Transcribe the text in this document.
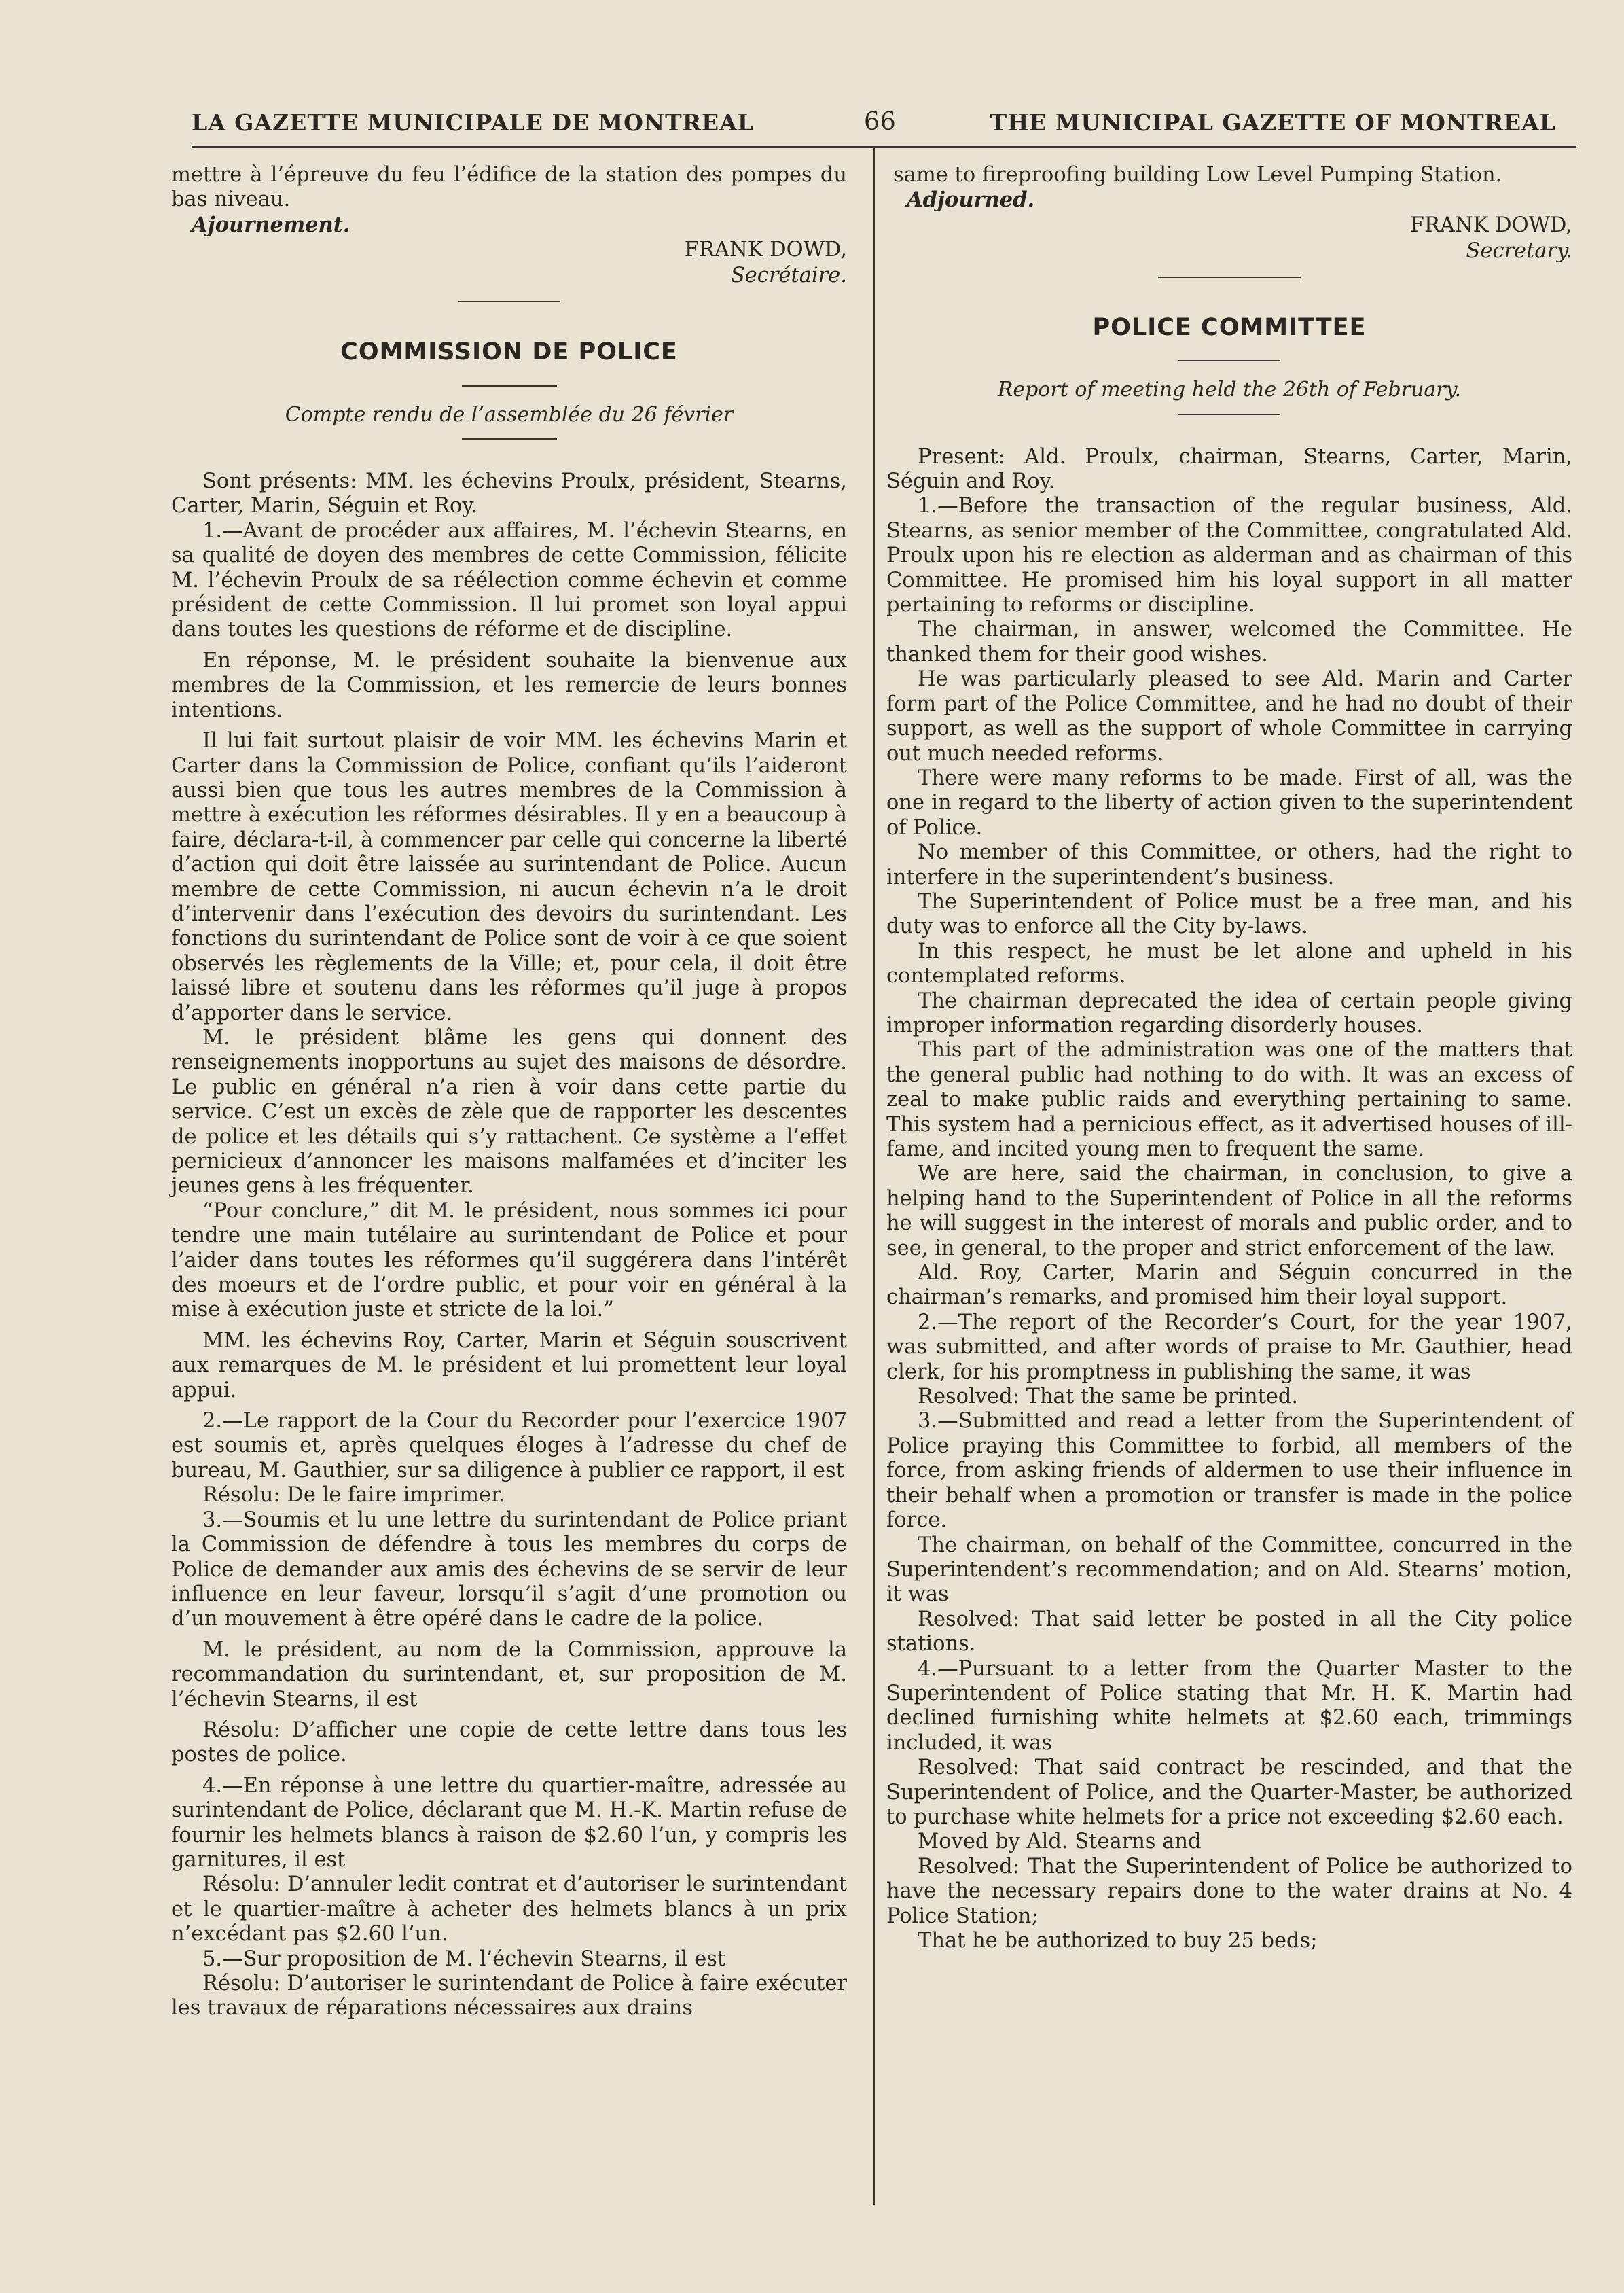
LA GAZETTE MUNICIPALE DE MONTREAL	66	THE MUNICIPAL GAZETTE OF MONTREAL

mettre à l’épreuve du feu l’édifice de la station des pompes du bas niveau.

Ajournement.
FRANK DOWD,
Secrétaire.
COMMISSION DE POLICE
Compte rendu de l’assemblée du 26 février

Sont présents: MM. les échevins Proulx, président, Stearns, Carter, Marin, Séguin et Roy.

1.—Avant de procéder aux affaires, M. l’échevin Stearns, en sa qualité de doyen des membres de cette Commission, félicite M. l’échevin Proulx de sa réélection comme échevin et comme président de cette Commission. Il lui promet son loyal appui dans toutes les questions de réforme et de discipline.

En réponse, M. le président souhaite la bienvenue aux membres de la Commission, et les remercie de leurs bonnes intentions.

Il lui fait surtout plaisir de voir MM. les échevins Marin et Carter dans la Commission de Police, confiant qu’ils l’aideront aussi bien que tous les autres membres de la Commission à mettre à exécution les réformes désirables. Il y en a beaucoup à faire, déclara-t-il, à commencer par celle qui concerne la liberté d’action qui doit être laissée au surintendant de Police. Aucun membre de cette Commission, ni aucun échevin n’a le droit d’intervenir dans l’exécution des devoirs du surintendant. Les fonctions du surintendant de Police sont de voir à ce que soient observés les règlements de la Ville; et, pour cela, il doit être laissé libre et soutenu dans les réformes qu’il juge à propos d’apporter dans le service.

M. le président blâme les gens qui donnent des renseignements inopportuns au sujet des maisons de désordre. Le public en général n’a rien à voir dans cette partie du service. C’est un excès de zèle que de rapporter les descentes de police et les détails qui s’y rattachent. Ce système a l’effet pernicieux d’annoncer les maisons malfamées et d’inciter les jeunes gens à les fréquenter.

“Pour conclure,” dit M. le président, nous sommes ici pour tendre une main tutélaire au surintendant de Police et pour l’aider dans toutes les réformes qu’il suggérera dans l’intérêt des moeurs et de l’ordre public, et pour voir en général à la mise à exécution juste et stricte de la loi.”

MM. les échevins Roy, Carter, Marin et Séguin souscrivent aux remarques de M. le président et lui promettent leur loyal appui.

2.—Le rapport de la Cour du Recorder pour l’exercice 1907 est soumis et, après quelques éloges à l’adresse du chef de bureau, M. Gauthier, sur sa diligence à publier ce rapport, il est

Résolu: De le faire imprimer.

3.—Soumis et lu une lettre du surintendant de Police priant la Commission de défendre à tous les membres du corps de Police de demander aux amis des échevins de se servir de leur influence en leur faveur, lorsqu’il s’agit d’une promotion ou d’un mouvement à être opéré dans le cadre de la police.

M. le président, au nom de la Commission, approuve la recommandation du surintendant, et, sur proposition de M. l’échevin Stearns, il est

Résolu: D’afficher une copie de cette lettre dans tous les postes de police.

4.—En réponse à une lettre du quartier-maître, adressée au surintendant de Police, déclarant que M. H.-K. Martin refuse de fournir les helmets blancs à raison de $2.60 l’un, y compris les garnitures, il est

Résolu: D’annuler ledit contrat et d’autoriser le surintendant et le quartier-maître à acheter des helmets blancs à un prix n’excédant pas $2.60 l’un.

5.—Sur proposition de M. l’échevin Stearns, il est

Résolu: D’autoriser le surintendant de Police à faire exécuter les travaux de réparations nécessaires aux drains

same to fireproofing building Low Level Pumping Station.

Adjourned.
FRANK DOWD,
Secretary.
POLICE COMMITTEE
Report of meeting held the 26th of February.

Present: Ald. Proulx, chairman, Stearns, Carter, Marin, Séguin and Roy.

1.—Before the transaction of the regular business, Ald. Stearns, as senior member of the Committee, congratulated Ald. Proulx upon his re election as alderman and as chairman of this Committee. He promised him his loyal support in all matter pertaining to reforms or discipline.

The chairman, in answer, welcomed the Committee. He thanked them for their good wishes.

He was particularly pleased to see Ald. Marin and Carter form part of the Police Committee, and he had no doubt of their support, as well as the support of whole Committee in carrying out much needed reforms.

There were many reforms to be made. First of all, was the one in regard to the liberty of action given to the superintendent of Police.

No member of this Committee, or others, had the right to interfere in the superintendent’s business.

The Superintendent of Police must be a free man, and his duty was to enforce all the City by-laws.

In this respect, he must be let alone and upheld in his contemplated reforms.

The chairman deprecated the idea of certain people giving improper information regarding disorderly houses.

This part of the administration was one of the matters that the general public had nothing to do with. It was an excess of zeal to make public raids and everything pertaining to same. This system had a pernicious effect, as it advertised houses of ill-fame, and incited young men to frequent the same.

We are here, said the chairman, in conclusion, to give a helping hand to the Superintendent of Police in all the reforms he will suggest in the interest of morals and public order, and to see, in general, to the proper and strict enforcement of the law.

Ald. Roy, Carter, Marin and Séguin concurred in the chairman’s remarks, and promised him their loyal support.

2.—The report of the Recorder’s Court, for the year 1907, was submitted, and after words of praise to Mr. Gauthier, head clerk, for his promptness in publishing the same, it was

Resolved: That the same be printed.

3.—Submitted and read a letter from the Superintendent of Police praying this Committee to forbid, all members of the force, from asking friends of aldermen to use their influence in their behalf when a promotion or transfer is made in the police force.

The chairman, on behalf of the Committee, concurred in the Superintendent’s recommendation; and on Ald. Stearns’ motion, it was

Resolved: That said letter be posted in all the City police stations.

4.—Pursuant to a letter from the Quarter Master to the Superintendent of Police stating that Mr. H. K. Martin had declined furnishing white helmets at $2.60 each, trimmings included, it was

Resolved: That said contract be rescinded, and that the Superintendent of Police, and the Quarter-Master, be authorized to purchase white helmets for a price not exceeding $2.60 each.

Moved by Ald. Stearns and

Resolved: That the Superintendent of Police be authorized to have the necessary repairs done to the water drains at No. 4 Police Station;

That he be authorized to buy 25 beds;
